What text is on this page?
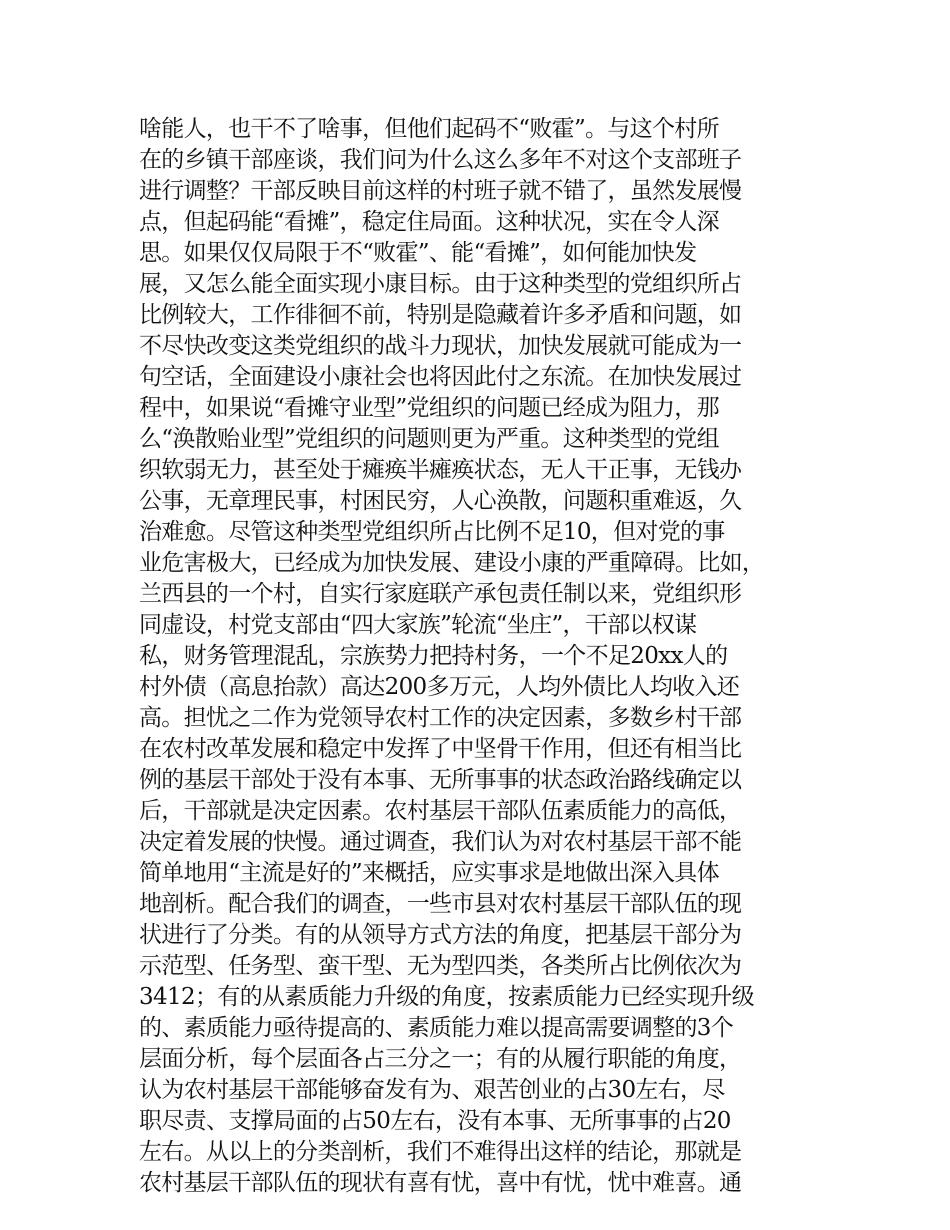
啥能人，也干不了啥事，但他们起码不“败霍”。与这个村所
在的乡镇干部座谈，我们问为什么这么多年不对这个支部班子
进行调整？干部反映目前这样的村班子就不错了，虽然发展慢
点，但起码能“看摊”，稳定住局面。这种状况，实在令人深
思。如果仅仅局限于不“败霍”、能“看摊”，如何能加快发
展，又怎么能全面实现小康目标。由于这种类型的党组织所占
比例较大，工作徘徊不前，特别是隐藏着许多矛盾和问题，如
不尽快改变这类党组织的战斗力现状，加快发展就可能成为一
句空话，全面建设小康社会也将因此付之东流。在加快发展过
程中，如果说“看摊守业型”党组织的问题已经成为阻力，那
么“涣散贻业型”党组织的问题则更为严重。这种类型的党组
织软弱无力，甚至处于瘫痪半瘫痪状态，无人干正事，无钱办
公事，无章理民事，村困民穷，人心涣散，问题积重难返，久
治难愈。尽管这种类型党组织所占比例不足10，但对党的事
业危害极大，已经成为加快发展、建设小康的严重障碍。比如，
兰西县的一个村，自实行家庭联产承包责任制以来，党组织形
同虚设，村党支部由“四大家族”轮流“坐庄”，干部以权谋
私，财务管理混乱，宗族势力把持村务，一个不足20xx人的
村外债（高息抬款）高达200多万元，人均外债比人均收入还
高。担忧之二作为党领导农村工作的决定因素，多数乡村干部
在农村改革发展和稳定中发挥了中坚骨干作用，但还有相当比
例的基层干部处于没有本事、无所事事的状态政治路线确定以
后，干部就是决定因素。农村基层干部队伍素质能力的高低，
决定着发展的快慢。通过调查，我们认为对农村基层干部不能
简单地用“主流是好的”来概括，应实事求是地做出深入具体
地剖析。配合我们的调查，一些市县对农村基层干部队伍的现
状进行了分类。有的从领导方式方法的角度，把基层干部分为
示范型、任务型、蛮干型、无为型四类，各类所占比例依次为
3412；有的从素质能力升级的角度，按素质能力已经实现升级
的、素质能力亟待提高的、素质能力难以提高需要调整的3个
层面分析，每个层面各占三分之一；有的从履行职能的角度，
认为农村基层干部能够奋发有为、艰苦创业的占30左右，尽
职尽责、支撑局面的占50左右，没有本事、无所事事的占20
左右。从以上的分类剖析，我们不难得出这样的结论，那就是
农村基层干部队伍的现状有喜有忧，喜中有忧，忧中难喜。通
